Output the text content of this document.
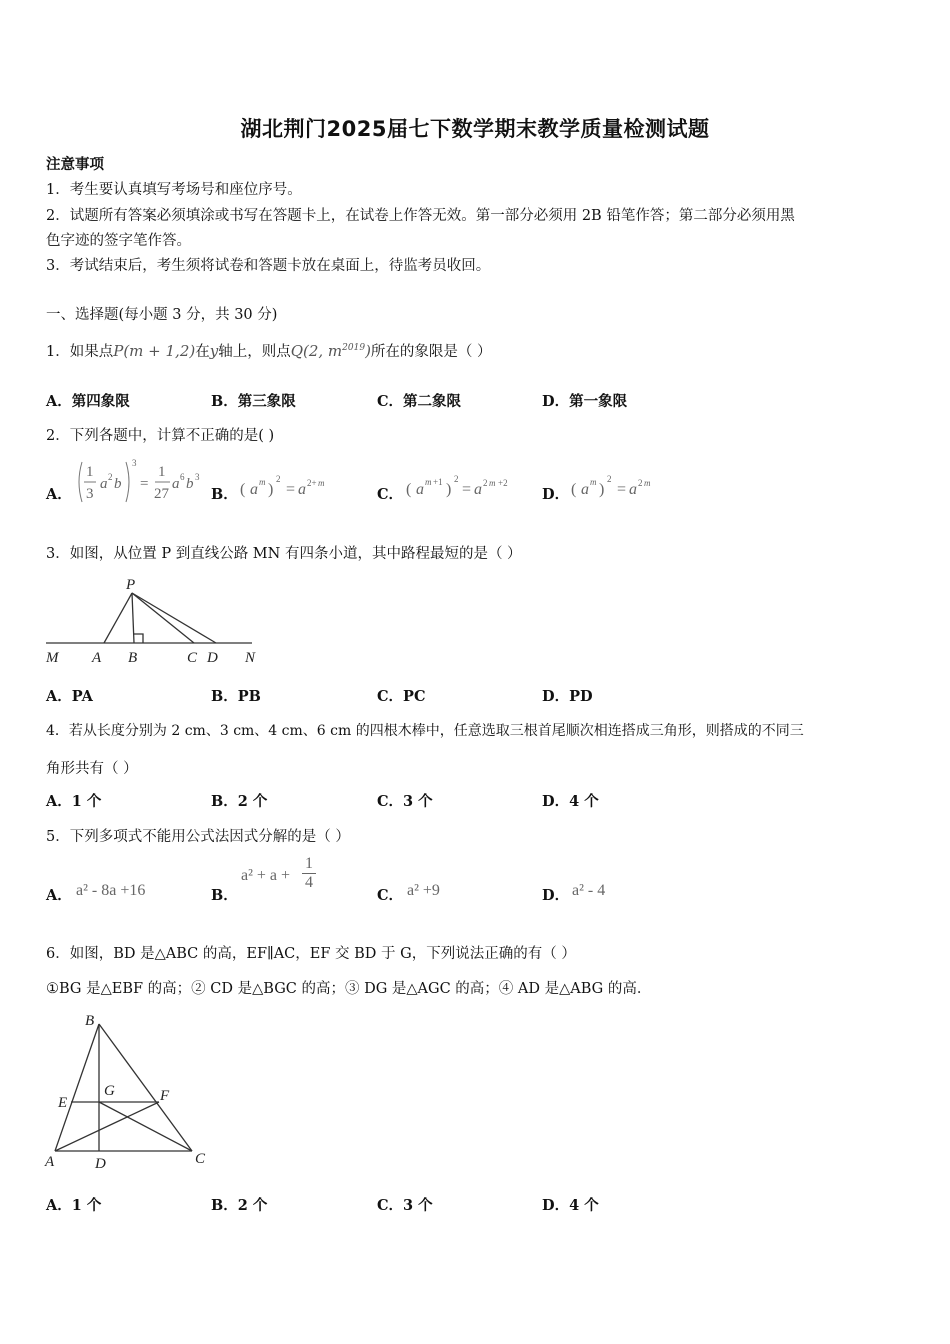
湖北荆门2025届七下数学期末教学质量检测试题
注意事项
1．考生要认真填写考场号和座位序号。
2．试题所有答案必须填涂或书写在答题卡上，在试卷上作答无效。第一部分必须用 2B 铅笔作答；第二部分必须用黑
色字迹的签字笔作答。
3．考试结束后，考生须将试卷和答题卡放在桌面上，待监考员收回。
一、选择题(每小题 3 分，共 30 分)
1．如果点P(m + 1,2)在y轴上，则点Q(2, $m^{2019}$)所在的象限是（ ）
A．第四象限	B．第三象限	C．第二象限	D．第一象限
2．下列各题中，计算不正确的是( )
A．
1
3
a 2 b
3
=
1
27
a 6 b 3
B． ( a m )
2
= a 2+ m
C． ( a m +1 )
2
= a 2 m +2
D． ( a m )
2
= a 2 m
3．如图，从位置 P 到直线公路 MN 有四条小道，其中路程最短的是（ ）
P
M A B	C D N
A．PA	B．PB	C．PC	D．PD
4．若从长度分别为 2 cm、3 cm、4 cm、6 cm 的四根木棒中，任意选取三根首尾顺次相连搭成三角形，则搭成的不同三
角形共有（ ）
A．1 个	B．2 个	C．3 个	D．4 个
5．下列多项式不能用公式法因式分解的是（ ）
A． a² - 8a +16	B．
a² + a +
1
4
C． a² +9	D． a² - 4
6．如图，BD 是△ABC 的高，EF∥AC，EF 交 BD 于 G，下列说法正确的有（ ）
①BG 是△EBF 的高；② CD 是△BGC 的高；③ DG 是△AGC 的高；④ AD 是△ABG 的高．
B
E
G	F
A	D	C
A．1 个	B．2 个	C．3 个	D．4 个
